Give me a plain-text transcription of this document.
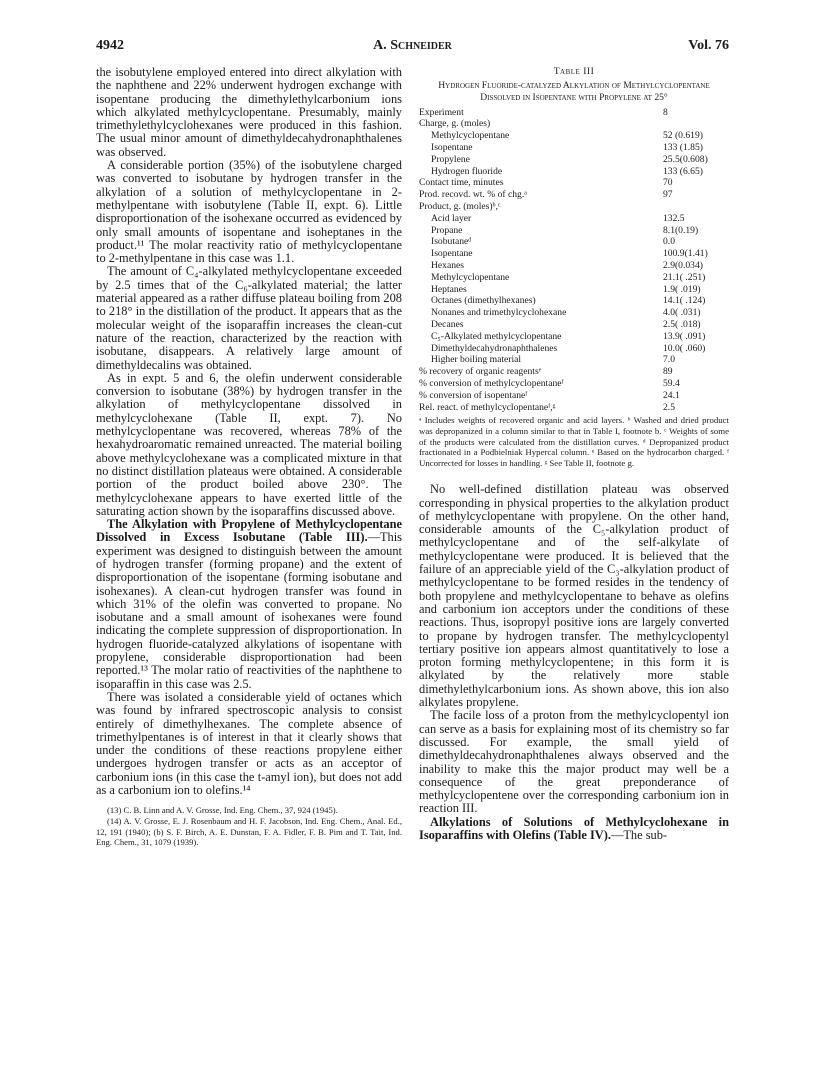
4942	A. Schneider	Vol. 76

the isobutylene employed entered into direct alkylation with the naphthene and 22% underwent hydrogen exchange with isopentane producing the dimethylethylcarbonium ions which alkylated methylcyclopentane. Presumably, mainly trimethylethylcyclohexanes were produced in this fashion. The usual minor amount of dimethyldecahydronaphthalenes was observed.

A considerable portion (35%) of the isobutylene charged was converted to isobutane by hydrogen transfer in the alkylation of a solution of methylcyclopentane in 2-methylpentane with isobutylene (Table II, expt. 6). Little disproportionation of the isohexane occurred as evidenced by only small amounts of isopentane and isoheptanes in the product.¹¹ The molar reactivity ratio of methylcyclopentane to 2-methylpentane in this case was 1.1.

The amount of C₄-alkylated methylcyclopentane exceeded by 2.5 times that of the C₆-alkylated material; the latter material appeared as a rather diffuse plateau boiling from 208 to 218° in the distillation of the product. It appears that as the molecular weight of the isoparaffin increases the clean-cut nature of the reaction, characterized by the reaction with isobutane, disappears. A relatively large amount of dimethyldecalins was obtained.

As in expt. 5 and 6, the olefin underwent considerable conversion to isobutane (38%) by hydrogen transfer in the alkylation of methylcyclopentane dissolved in methylcyclohexane (Table II, expt. 7). No methylcyclopentane was recovered, whereas 78% of the hexahydroaromatic remained unreacted. The material boiling above methylcyclohexane was a complicated mixture in that no distinct distillation plateaus were obtained. A considerable portion of the product boiled above 230°. The methylcyclohexane appears to have exerted little of the saturating action shown by the isoparaffins discussed above.

The Alkylation with Propylene of Methylcyclopentane Dissolved in Excess Isobutane (Table III).—This experiment was designed to distinguish between the amount of hydrogen transfer (forming propane) and the extent of disproportionation of the isopentane (forming isobutane and isohexanes). A clean-cut hydrogen transfer was found in which 31% of the olefin was converted to propane. No isobutane and a small amount of isohexanes were found indicating the complete suppression of disproportionation. In hydrogen fluoride-catalyzed alkylations of isopentane with propylene, considerable disproportionation had been reported.¹³ The molar ratio of reactivities of the naphthene to isoparaffin in this case was 2.5.

There was isolated a considerable yield of octanes which was found by infrared spectroscopic analysis to consist entirely of dimethylhexanes. The complete absence of trimethylpentanes is of interest in that it clearly shows that under the conditions of these reactions propylene either undergoes hydrogen transfer or acts as an acceptor of carbonium ions (in this case the t-amyl ion), but does not add as a carbonium ion to olefins.¹⁴

(13) C. B. Linn and A. V. Grosse, Ind. Eng. Chem., 37, 924 (1945).
(14) A. V. Grosse, E. J. Rosenbaum and H. F. Jacobson, Ind. Eng. Chem., Anal. Ed., 12, 191 (1940); (b) S. F. Birch, A. E. Dunstan, F. A. Fidler, F. B. Pim and T. Tait, Ind. Eng. Chem., 31, 1079 (1939).
Table III
Hydrogen Fluoride-catalyzed Alkylation of Methylcyclopentane Dissolved in Isopentane with Propylene at 25°
Experiment	8
Charge, g. (moles)	
Methylcyclopentane	52 (0.619)
Isopentane	133 (1.85)
Propylene	25.5(0.608)
Hydrogen fluoride	133 (6.65)
Contact time, minutes	70
Prod. recovd. wt. % of chg.ᵃ	97
Product, g. (moles)ᵇ,ᶜ	
Acid layer	132.5
Propane	8.1(0.19)
Isobutaneᵈ	0.0
Isopentane	100.9(1.41)
Hexanes	2.9(0.034)
Methylcyclopentane	21.1( .251)
Heptanes	1.9( .019)
Octanes (dimethylhexanes)	14.1( .124)
Nonanes and trimethylcyclohexane	4.0( .031)
Decanes	2.5( .018)
C₅-Alkylated methylcyclopentane	13.9( .091)
Dimethyldecahydronaphthalenes	10.0( .060)
Higher boiling material	7.0
% recovery of organic reagentsᵉ	89
% conversion of methylcyclopentaneᶠ	59.4
% conversion of isopentaneᶠ	24.1
Rel. react. of methylcyclopentaneᶠ,ᵍ	2.5
ᵃ Includes weights of recovered organic and acid layers. ᵇ Washed and dried product was depropanized in a column similar to that in Table I, footnote b. ᶜ Weights of some of the products were calculated from the distillation curves. ᵈ Depropanized product fractionated in a Podbielniak Hypercal column. ᵉ Based on the hydrocarbon charged. ᶠ Uncorrected for losses in handling. ᵍ See Table II, footnote g.

No well-defined distillation plateau was observed corresponding in physical properties to the alkylation product of methylcyclopentane with propylene. On the other hand, considerable amounts of the C₅-alkylation product of methylcyclopentane and of the self-alkylate of methylcyclopentane were produced. It is believed that the failure of an appreciable yield of the C₃-alkylation product of methylcyclopentane to be formed resides in the tendency of both propylene and methylcyclopentane to behave as olefins and carbonium ion acceptors under the conditions of these reactions. Thus, isopropyl positive ions are largely converted to propane by hydrogen transfer. The methylcyclopentyl tertiary positive ion appears almost quantitatively to lose a proton forming methylcyclopentene; in this form it is alkylated by the relatively more stable dimethylethylcarbonium ions. As shown above, this ion also alkylates propylene.

The facile loss of a proton from the methylcyclopentyl ion can serve as a basis for explaining most of its chemistry so far discussed. For example, the small yield of dimethyldecahydronaphthalenes always observed and the inability to make this the major product may well be a consequence of the great preponderance of methylcyclopentene over the corresponding carbonium ion in reaction III.

Alkylations of Solutions of Methylcyclohexane in Isoparaffins with Olefins (Table IV).—The sub-
